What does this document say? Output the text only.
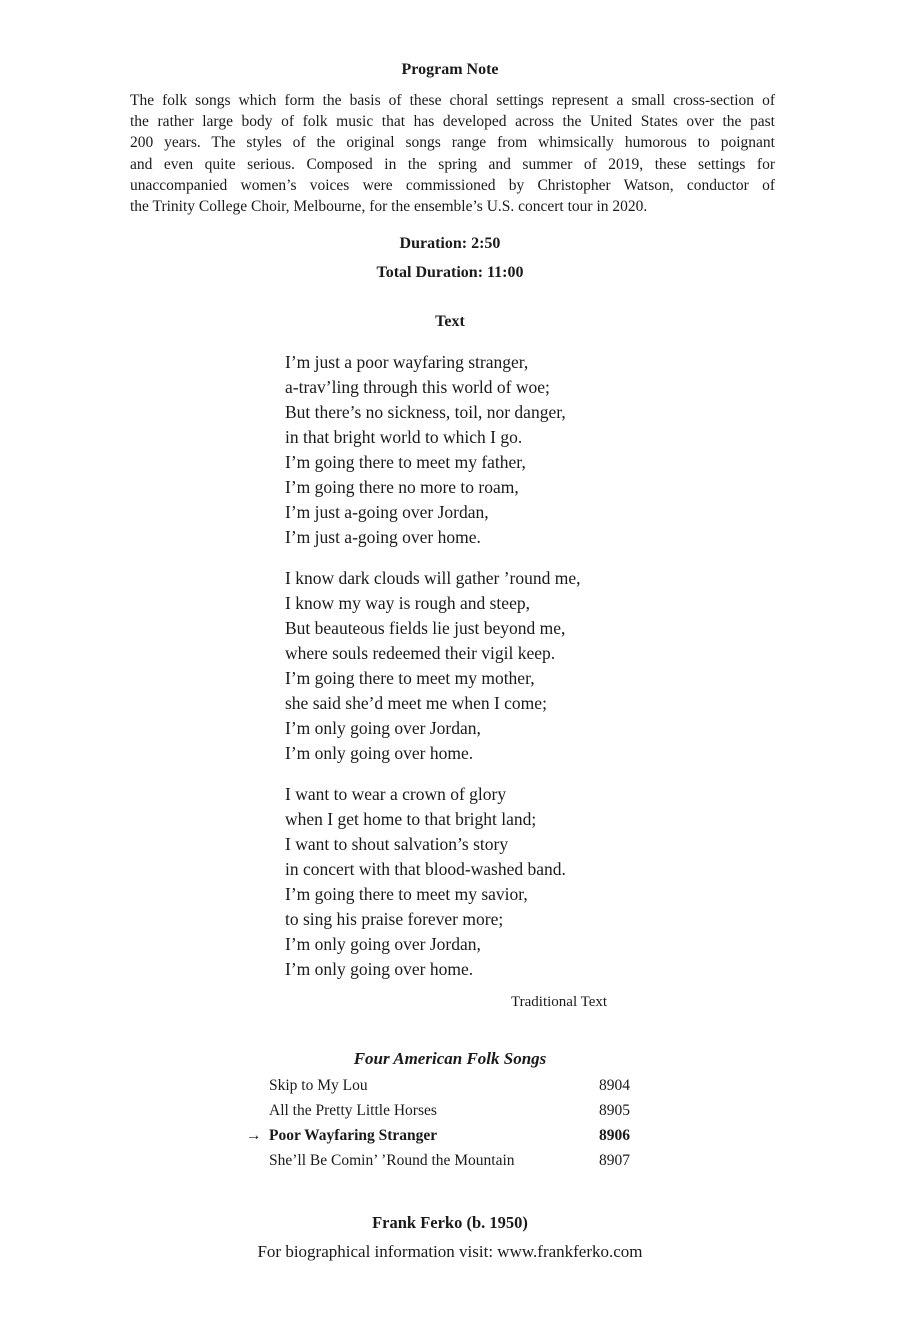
Program Note
The folk songs which form the basis of these choral settings represent a small cross-section of
the rather large body of folk music that has developed across the United States over the past
200 years. The styles of the original songs range from whimsically humorous to poignant
and even quite serious. Composed in the spring and summer of 2019, these settings for
unaccompanied women’s voices were commissioned by Christopher Watson, conductor of
the Trinity College Choir, Melbourne, for the ensemble’s U.S. concert tour in 2020.
Duration: 2:50
Total Duration: 11:00
Text
I’m just a poor wayfaring stranger,
a-trav’ling through this world of woe;
But there’s no sickness, toil, nor danger,
in that bright world to which I go.
I’m going there to meet my father,
I’m going there no more to roam,
I’m just a-going over Jordan,
I’m just a-going over home.
I know dark clouds will gather ’round me,
I know my way is rough and steep,
But beauteous fields lie just beyond me,
where souls redeemed their vigil keep.
I’m going there to meet my mother,
she said she’d meet me when I come;
I’m only going over Jordan,
I’m only going over home.
I want to wear a crown of glory
when I get home to that bright land;
I want to shout salvation’s story
in concert with that blood-washed band.
I’m going there to meet my savior,
to sing his praise forever more;
I’m only going over Jordan,
I’m only going over home.
Traditional Text
Four American Folk Songs
Skip to My Lou	8904
All the Pretty Little Horses	8905
→ Poor Wayfaring Stranger	8906
She’ll Be Comin’ ’Round the Mountain	8907
Frank Ferko (b. 1950)
For biographical information visit: www.frankferko.com
